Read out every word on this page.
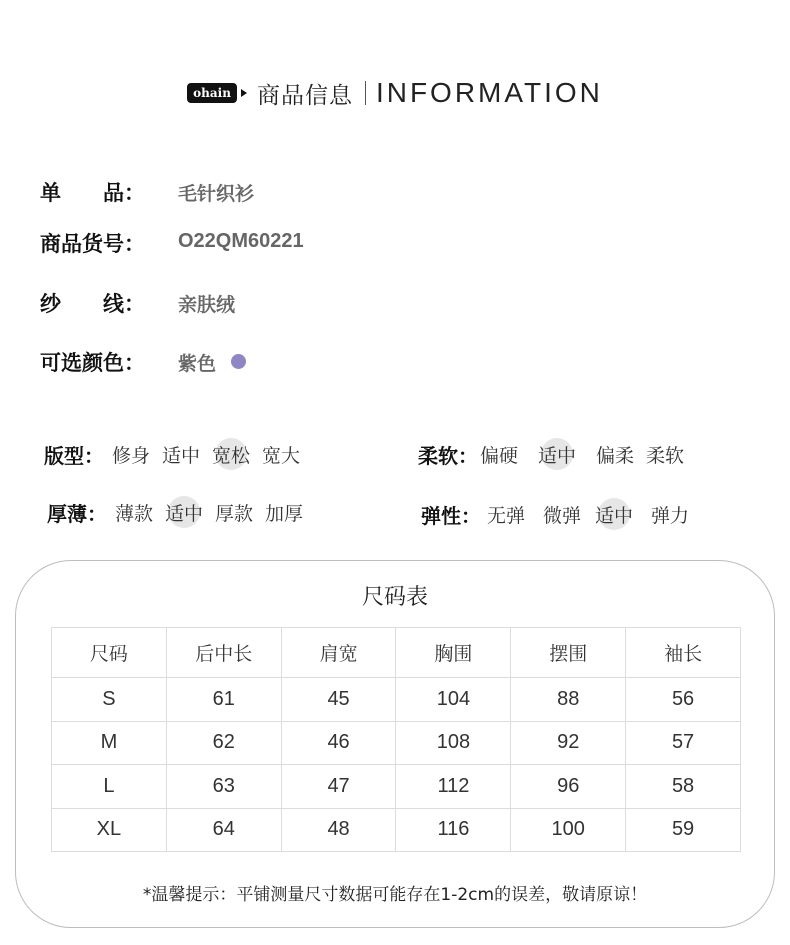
ohain 商品信息 INFORMATION
单　　品： 毛针织衫
商品货号： O22QM60221
纱　　线： 亲肤绒
可选颜色： 紫色
版型： 修身 适中 宽松 宽大	柔软： 偏硬 适中 偏柔 柔软
厚薄： 薄款 适中 厚款 加厚	弹性： 无弹 微弹 适中 弹力
尺码表
尺码	后中长	肩宽	胸围	摆围	袖长
S	61	45	104	88	56
M	62	46	108	92	57
L	63	47	112	96	58
XL	64	48	116	100	59
*温馨提示：平铺测量尺寸数据可能存在1-2cm的误差，敬请原谅！
